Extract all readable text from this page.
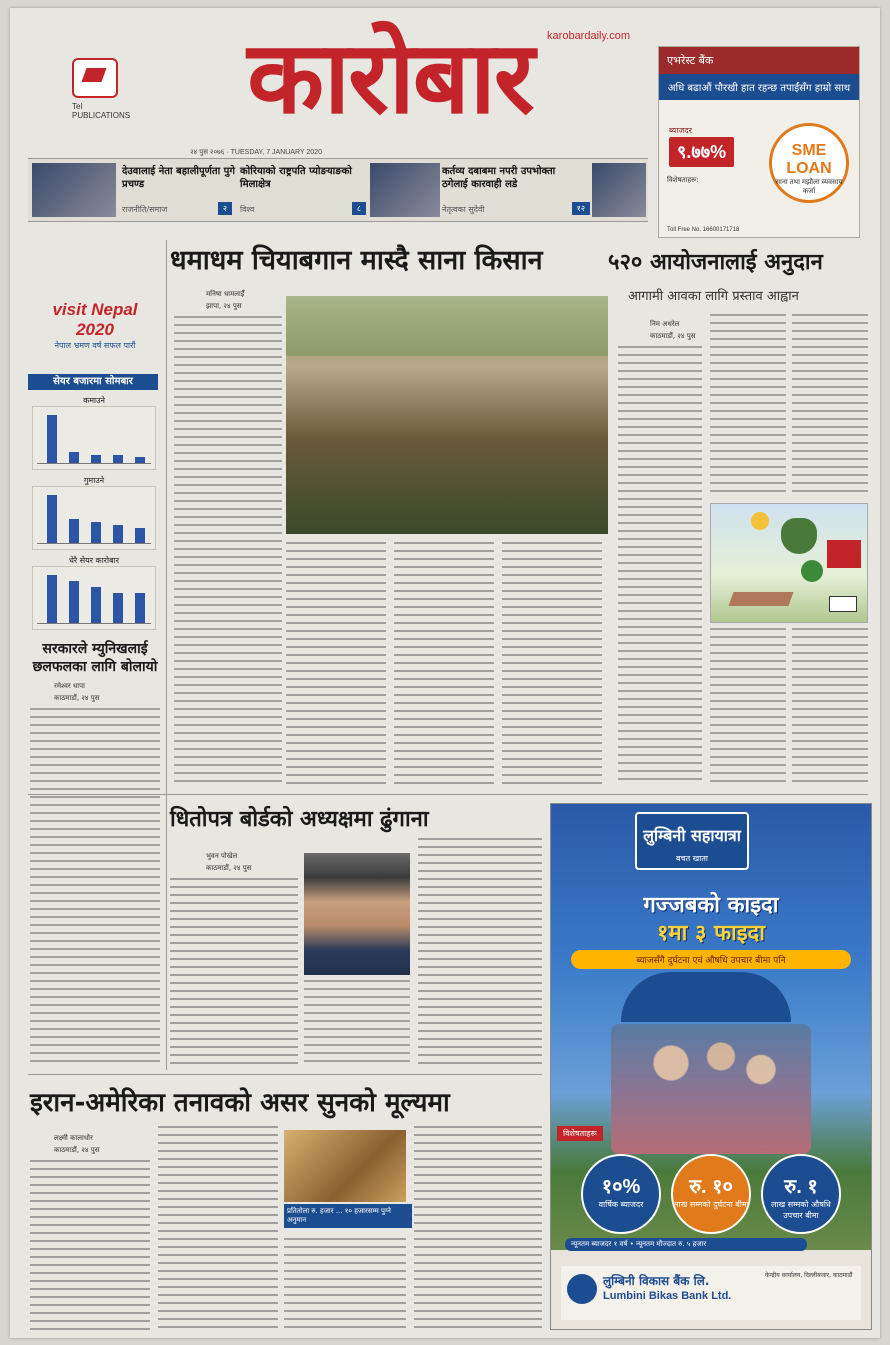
Tel PUBLICATIONS	कारोबार	karobardaily.com
२४ पुस २०७६ · TUESDAY, 7 JANUARY 2020
एभरेस्ट बैंक
अधि बढाऔं पौरखी हात रहन्छ तपाईंसँग हाम्रो साथ
ब्याजदर
९.७७%	SME LOAN
साना तथा मझौला व्यवसाय कर्जा
विशेषताहरू:
Toll Free No. 16600171718
देउवालाई नेता बहालीपूर्णता पुगे प्रचण्ड
राजनीति/समाज	२
कोरियाको राष्ट्रपति प्योङयाङको मिलाक्षेत्र
विश्व	८
कर्तव्य दबाबमा नपरी उपभोक्ता ठगेलाई कारवाही लडे
नेतृत्वका सुदेवी	१२
visit Nepal 2020
नेपाल भ्रमण वर्ष सफल पारौं
सेयर बजारमा सोमबार
कमाउने
गुमाउने
धेरै सेयर कारोबार
सरकारले म्युनिखलाई छलफलका लागि बोलायो
रमेश्वर धापा
काठमाडौं, २४ पुस
धमाधम चियाबगान मास्दै साना किसान
मनिषा धामलाईँ
झापा, २४ पुस
५२० आयोजनालाई अनुदान
आगामी आवका लागि प्रस्ताव आह्वान
निम अधरेल
काठमाडौं, २४ पुस
धितोपत्र बोर्डको अध्यक्षमा ढुंगाना
भुवन पोखेल
काठमाडौं, २४ पुस
इरान-अमेरिका तनावको असर सुनको मूल्यमा
लक्ष्मी कालाधोर
काठमाडौं, २४ पुस
प्रतितोला रु. हजार ... १० हजारसम्म पुग्ने अनुमान
लुम्बिनी सहायात्रा
बचत खाता
गज्जबको काइदा
१मा ३ फाइदा
ब्याजसँगै दुर्घटना एवं औषधि उपचार बीमा पनि
विशेषताहरू
१०%
वार्षिक ब्याजदर
रु. १०
लाख सम्मको दुर्घटना बीमा
रु. १
लाख सम्मको औषधि उपचार बीमा
न्यूनतम ब्याजदर १ वर्ष • न्यूनतम मौज्दात रु. ५ हजार
लुम्बिनी विकास बैंक लि.
Lumbini Bikas Bank Ltd.
केन्द्रीय कार्यालय, दिल्लीबजार, काठमाडौं
